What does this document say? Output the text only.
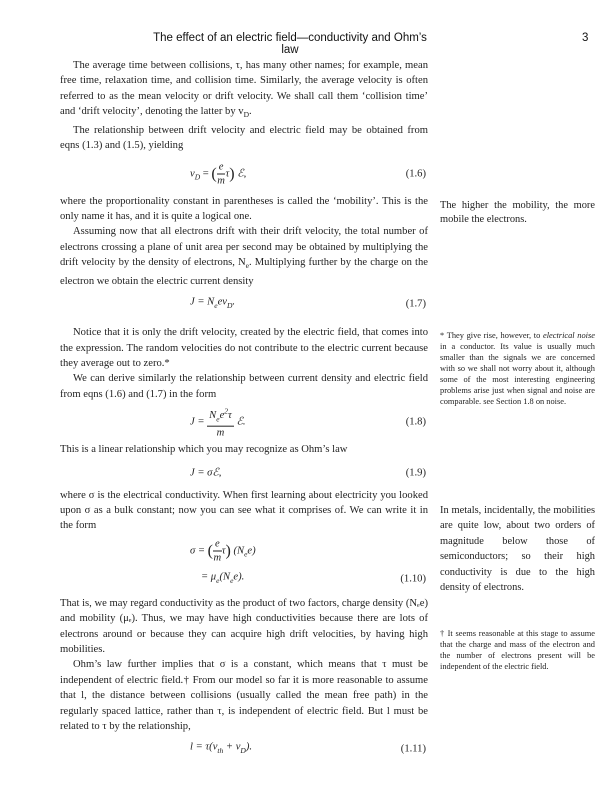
The effect of an electric field—conductivity and Ohm’s law
3

The average time between collisions, τ, has many other names; for example, mean free time, relaxation time, and collision time. Similarly, the average velocity is often referred to as the mean velocity or drift velocity. We shall call them ‘collision time’ and ‘drift velocity’, denoting the latter by $v_D$.

The relationship between drift velocity and electric field may be obtained from eqns (1.3) and (1.5), yielding

$v_D$ = ( $\frac{e}{m} \tau$) ℰ,	(1.6)

where the proportionality constant in parentheses is called the ‘mobility’. This is the only name it has, and it is quite a logical one.

Assuming now that all electrons drift with their drift velocity, the total number of electrons crossing a plane of unit area per second may be obtained by multiplying the drift velocity by the density of electrons, $N_e$. Multiplying further by the charge on the electron we obtain the electric current density

$J = N_eev_D$.	(1.7)

Notice that it is only the drift velocity, created by the electric field, that comes into the expression. The random velocities do not contribute to the electric current because they average out to zero.*

We can derive similarly the relationship between current density and electric field from eqns (1.6) and (1.7) in the form

$J = \frac{N_ee^2\tau}{m}$ ℰ.	(1.8)

This is a linear relationship which you may recognize as Ohm’s law

J = σℰ,	(1.9)

where σ is the electrical conductivity. When first learning about electricity you looked upon σ as a bulk constant; now you can see what it comprises of. We can write it in the form

σ = ( $\frac{e}{m} \tau$) $(N_ee)$
= $\mu_e(N_ee)$.	(1.10)

That is, we may regard conductivity as the product of two factors, charge density (Nₑe) and mobility (μₑ). Thus, we may have high conductivities because there are lots of electrons around or because they can acquire high drift velocities, by having high mobilities.

Ohm’s law further implies that σ is a constant, which means that τ must be independent of electric field.† From our model so far it is more reasonable to assume that l, the distance between collisions (usually called the mean free path) in the regularly spaced lattice, rather than τ, is independent of electric field. But l must be related to τ by the relationship,

$l = \tau(v_{th} + v_D)$.	(1.11)
The higher the mobility, the more mobile the electrons.
* They give rise, however, to electrical noise in a conductor. Its value is usually much smaller than the signals we are concerned with so we shall not worry about it, although some of the most interesting engineering problems arise just when signal and noise are comparable. see Section 1.8 on noise.
In metals, incidentally, the mobilities are quite low, about two orders of magnitude below those of semiconductors; so their high conductivity is due to the high density of electrons.
† It seems reasonable at this stage to assume that the charge and mass of the electron and the number of electrons present will be independent of the electric field.
